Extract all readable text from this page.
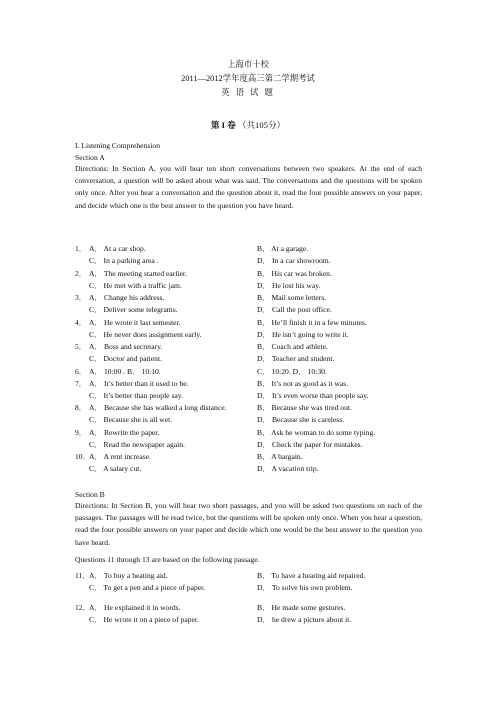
上海市十校
2011—2012学年度高三第二学期考试
英 语 试 题
第 I 卷 （共105分）
I. Listening Comprehension
Section A
Directions: In Section A, you will hear ten short conversations between two speakers. At the end of each conversation, a question will be asked about what was said. The conversations and the questions will be spoken only once. After you hear a conversation and the question about it, read the four possible answers on your paper, and decide which one is the best answer to the question you have heard.
1． A． At a car shop.	B． At a garage.
C． In a parking area .	D． In a car showroom.
2． A． The meeting started earlier.	B． His car was broken.
C． He met with a traffic jam.	D． He lost his way.
3． A． Change his address.	B． Mail some letters.
C． Deliver some telegrams.	D． Call the post office.
4． A． He wrote it last semester.	B． He’ll finish it in a few minutes.
C． He never does assignment early.	D． He isn’t going to write it.
5． A． Boss and secretary.	B． Coach and athlete.
C． Doctor and patient.	D． Teacher and student.
6． A． 10:00 . B． 10:10.	C． 10:20. D． 10:30.
7． A． It’s better than it used to be.	B． It’s not as good as it was.
C． It’s better than people say.	D． It’s even worse than people say.
8． A． Because she has walked a long distance.	B． Because she was tired out.
C． Because she is all wet.	D． Because she is careless.
9． A． Rewrite the paper.	B． Ask he woman to do some typing.
C． Read the newspaper again.	D． Check the paper for mistakes.
10．
A． A rent increase.	B． A bargain.
C． A salary cut.	D． A vacation trip.
Section B
Directions: In Section B, you will hear two short passages, and you will be asked two questions on each of the passages. The passages will be read twice, but the questions will be spoken only once. When you hear a question, read the four possible answers on your paper and decide which one would be the best answer to the question you have heard.
Questions 11 through 13 are based on the following passage.
11． A． To buy a heating aid.	B． To have a hearing aid repaired.
C． To get a pen and a piece of paper.	D． To solve his own problem.
12．
A． He explained it in words.	B． He made some gestures.
C． He wrote it on a piece of paper.	D． he drew a picture about it.
